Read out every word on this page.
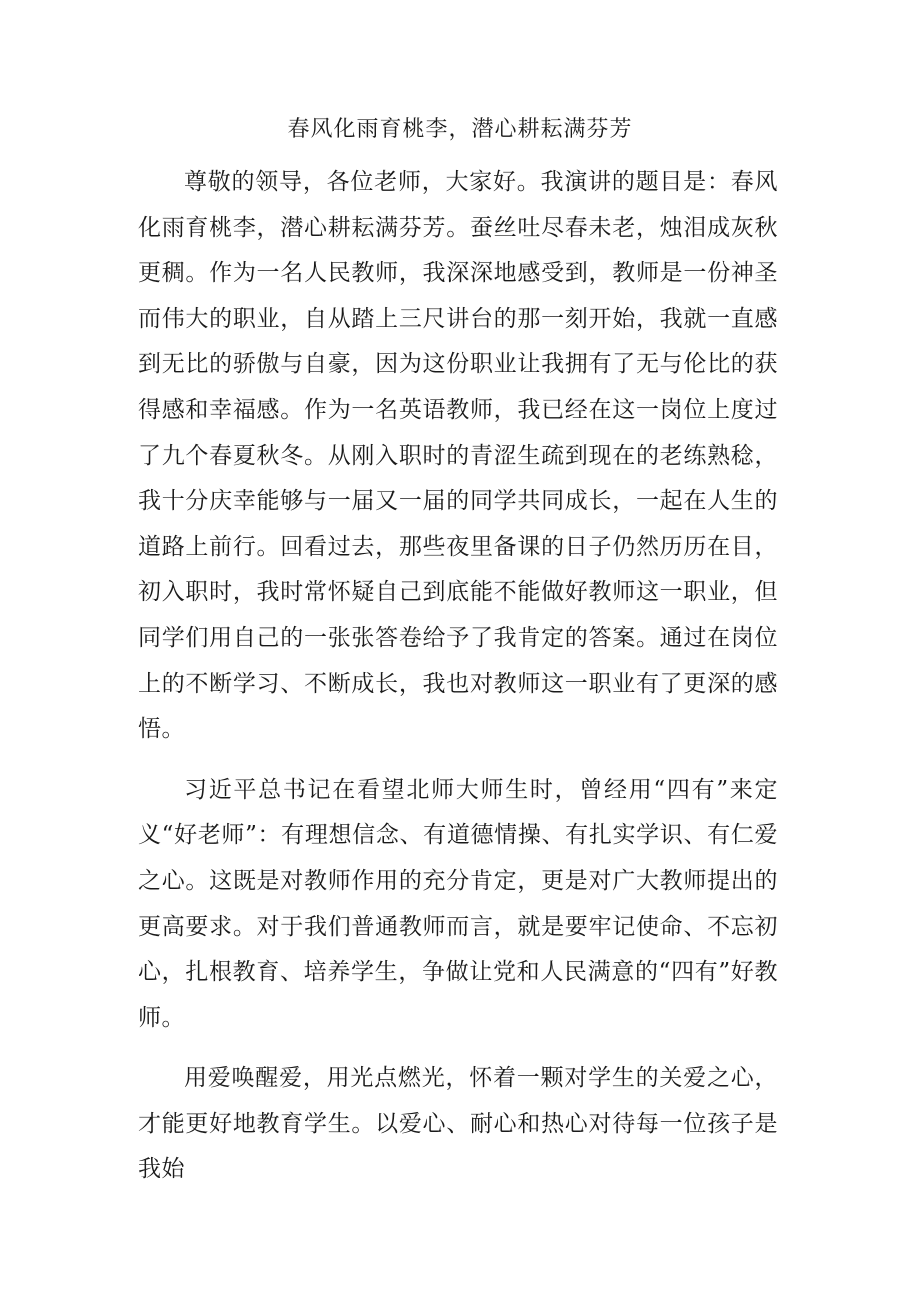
春风化雨育桃李，潜心耕耘满芬芳

尊敬的领导，各位老师，大家好。我演讲的题目是：春风化雨育桃李，潜心耕耘满芬芳。蚕丝吐尽春未老，烛泪成灰秋更稠。作为一名人民教师，我深深地感受到，教师是一份神圣而伟大的职业，自从踏上三尺讲台的那一刻开始，我就一直感到无比的骄傲与自豪，因为这份职业让我拥有了无与伦比的获得感和幸福感。作为一名英语教师，我已经在这一岗位上度过了九个春夏秋冬。从刚入职时的青涩生疏到现在的老练熟稔，我十分庆幸能够与一届又一届的同学共同成长，一起在人生的道路上前行。回看过去，那些夜里备课的日子仍然历历在目，初入职时，我时常怀疑自己到底能不能做好教师这一职业，但同学们用自己的一张张答卷给予了我肯定的答案。通过在岗位上的不断学习、不断成长，我也对教师这一职业有了更深的感悟。

习近平总书记在看望北师大师生时，曾经用“四有”来定义“好老师”：有理想信念、有道德情操、有扎实学识、有仁爱之心。这既是对教师作用的充分肯定，更是对广大教师提出的更高要求。对于我们普通教师而言，就是要牢记使命、不忘初心，扎根教育、培养学生，争做让党和人民满意的“四有”好教师。

用爱唤醒爱，用光点燃光，怀着一颗对学生的关爱之心，才能更好地教育学生。以爱心、耐心和热心对待每一位孩子是我始
